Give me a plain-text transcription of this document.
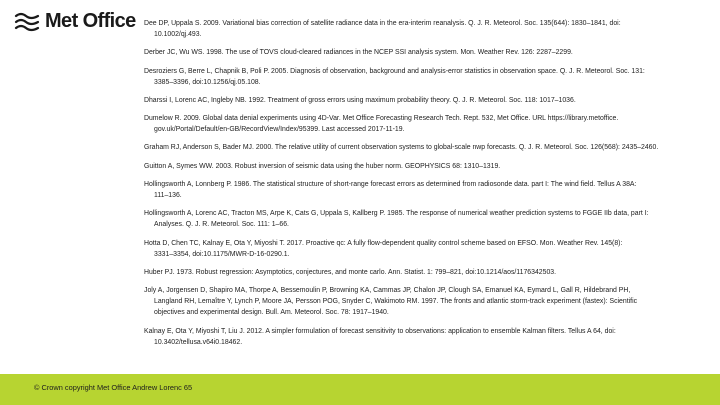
Met Office Dee DP, Uppala S. 2009. Variational bias correction of satellite radiance data in the era-interim reanalysis. Q. J. R. Meteorol. Soc. 135(644): 1830–1841, doi:
10.1002/qj.493.

Derber JC, Wu WS. 1998. The use of TOVS cloud-cleared radiances in the NCEP SSI analysis system. Mon. Weather Rev. 126: 2287–2299.

Desroziers G, Berre L, Chapnik B, Poli P. 2005. Diagnosis of observation, background and analysis-error statistics in observation space. Q. J. R. Meteorol. Soc. 131:
3385–3396, doi:10.1256/qj.05.108.

Dharssi I, Lorenc AC, Ingleby NB. 1992. Treatment of gross errors using maximum probability theory. Q. J. R. Meteorol. Soc. 118: 1017–1036.

Dumelow R. 2009. Global data denial experiments using 4D-Var. Met Office Forecasting Research Tech. Rept. 532, Met Office. URL https://library.metoffice.
gov.uk/Portal/Default/en-GB/RecordView/Index/95399. Last accessed 2017-11-19.

Graham RJ, Anderson S, Bader MJ. 2000. The relative utility of current observation systems to global-scale nwp forecasts. Q. J. R. Meteorol. Soc. 126(568): 2435–2460.

Guitton A, Symes WW. 2003. Robust inversion of seismic data using the huber norm. GEOPHYSICS 68: 1310–1319.

Hollingsworth A, Lonnberg P. 1986. The statistical structure of short-range forecast errors as determined from radiosonde data. part I: The wind field. Tellus A 38A:
111–136.

Hollingsworth A, Lorenc AC, Tracton MS, Arpe K, Cats G, Uppala S, Kallberg P. 1985. The response of numerical weather prediction systems to FGGE IIb data, part I:
Analyses. Q. J. R. Meteorol. Soc. 111: 1–66.

Hotta D, Chen TC, Kalnay E, Ota Y, Miyoshi T. 2017. Proactive qc: A fully flow-dependent quality control scheme based on EFSO. Mon. Weather Rev. 145(8):
3331–3354, doi:10.1175/MWR-D-16-0290.1.

Huber PJ. 1973. Robust regression: Asymptotics, conjectures, and monte carlo. Ann. Statist. 1: 799–821, doi:10.1214/aos/1176342503.

Joly A, Jorgensen D, Shapiro MA, Thorpe A, Bessemoulin P, Browning KA, Cammas JP, Chalon JP, Clough SA, Emanuel KA, Eymard L, Gall R, Hildebrand PH,
Langland RH, Lemaître Y, Lynch P, Moore JA, Persson POG, Snyder C, Wakimoto RM. 1997. The fronts and atlantic storm-track experiment (fastex): Scientific
objectives and experimental design. Bull. Am. Meteorol. Soc. 78: 1917–1940.

Kalnay E, Ota Y, Miyoshi T, Liu J. 2012. A simpler formulation of forecast sensitivity to observations: application to ensemble Kalman filters. Tellus A 64, doi:
10.3402/tellusa.v64i0.18462.

© Crown copyright Met Office Andrew Lorenc 65
